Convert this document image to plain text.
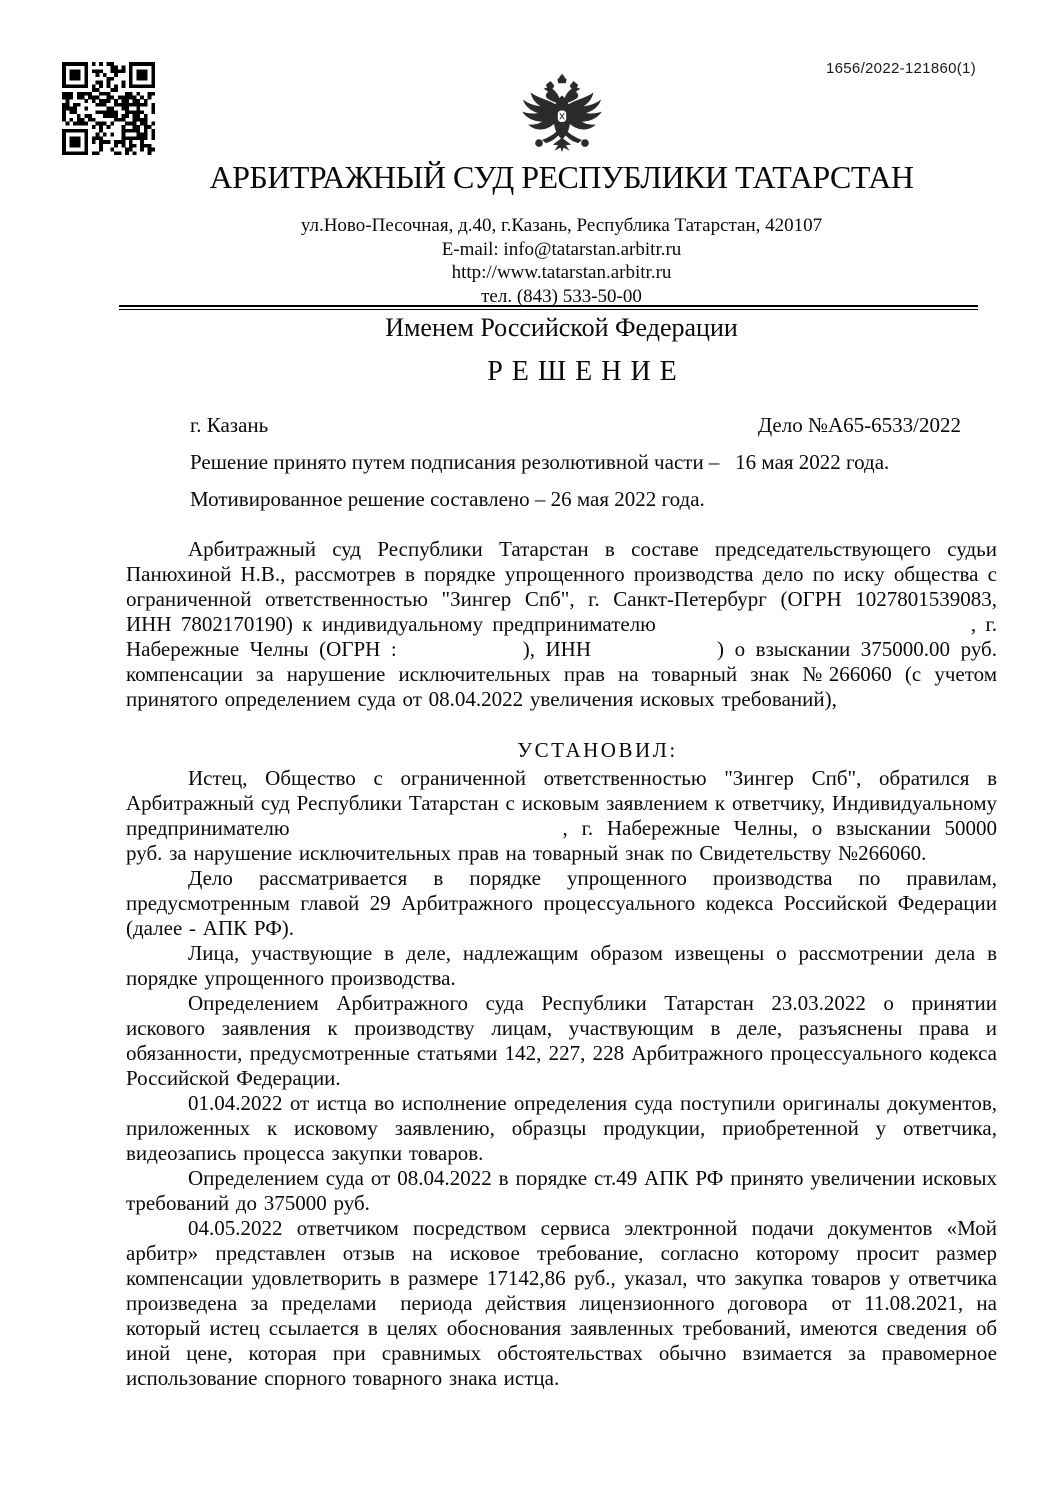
1656/2022-121860(1)
АРБИТРАЖНЫЙ СУД РЕСПУБЛИКИ ТАТАРСТАН
ул.Ново-Песочная, д.40, г.Казань, Республика Татарстан, 420107
E-mail: info@tatarstan.arbitr.ru
http://www.tatarstan.arbitr.ru
тел. (843) 533-50-00
Именем Российской Федерации
РЕШЕНИЕ
г. Казань	Дело №А65-6533/2022
Решение принято путем подписания резолютивной части –  16 мая 2022 года.
Мотивированное решение составлено – 26 мая 2022 года.

Арбитражный суд Республики Татарстан в составе председательствующего судьи Панюхиной Н.В., рассмотрев в порядке упрощенного производства дело по иску общества с ограниченной ответственностью "Зингер Спб", г. Санкт-Петербург (ОГРН 1027801539083, ИНН 7802170190) к индивидуальному предпринимателю               , г. Набережные Челны (ОГРН :      ), ИНН      ) о взыскании 375000.00 руб. компенсации за нарушение исключительных прав на товарный знак №266060 (с учетом принятого определением суда от 08.04.2022 увеличения исковых требований),

УСТАНОВИЛ:

Истец, Общество с ограниченной ответственностью "Зингер Спб", обратился в Арбитражный суд Республики Татарстан с исковым заявлением к ответчику, Индивидуальному предпринимателю             , г. Набережные Челны, о взыскании 50000 руб. за нарушение исключительных прав на товарный знак по Свидетельству №266060.

Дело рассматривается в порядке упрощенного производства по правилам, предусмотренным главой 29 Арбитражного процессуального кодекса Российской Федерации (далее - АПК РФ).

Лица, участвующие в деле, надлежащим образом извещены о рассмотрении дела в порядке упрощенного производства.

Определением Арбитражного суда Республики Татарстан 23.03.2022 о принятии искового заявления к производству лицам, участвующим в деле, разъяснены права и обязанности, предусмотренные статьями 142, 227, 228 Арбитражного процессуального кодекса Российской Федерации.

01.04.2022 от истца во исполнение определения суда поступили оригиналы документов, приложенных к исковому заявлению, образцы продукции, приобретенной у ответчика, видеозапись процесса закупки товаров.

Определением суда от 08.04.2022 в порядке ст.49 АПК РФ принято увеличении исковых требований до 375000 руб.

04.05.2022 ответчиком посредством сервиса электронной подачи документов «Мой арбитр» представлен отзыв на исковое требование, согласно которому просит размер компенсации удовлетворить в размере 17142,86 руб., указал, что закупка товаров у ответчика произведена за пределами  периода действия лицензионного договора  от 11.08.2021, на который истец ссылается в целях обоснования заявленных требований, имеются сведения об иной цене, которая при сравнимых обстоятельствах обычно взимается за правомерное использование спорного товарного знака истца.
